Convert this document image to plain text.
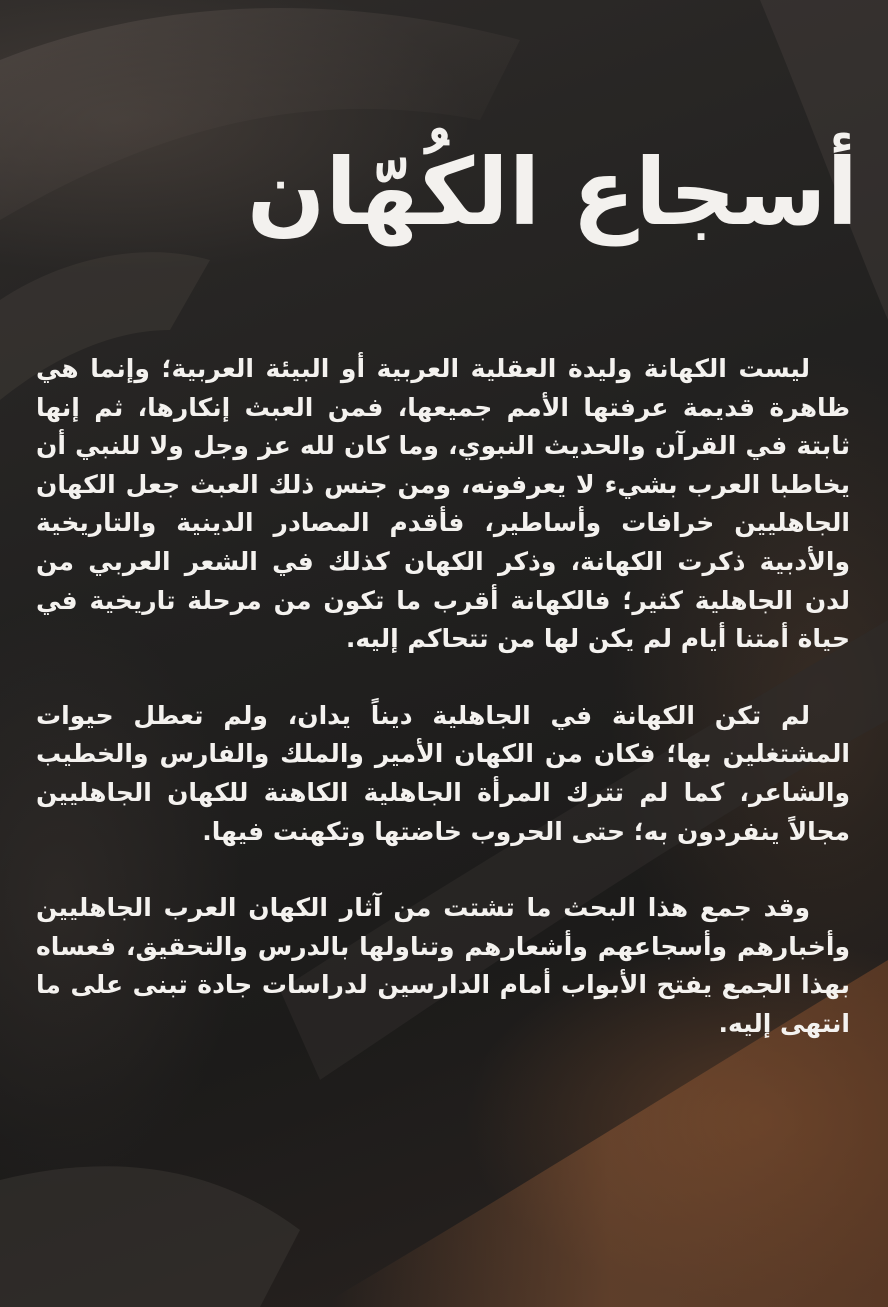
أسجاع الكُهّان

ليست الكهانة وليدة العقلية العربية أو البيئة العربية؛ وإنما هي ظاهرة قديمة عرفتها الأمم جميعها، فمن العبث إنكارها، ثم إنها ثابتة في القرآن والحديث النبوي، وما كان لله عز وجل ولا للنبي أن يخاطبا العرب بشيء لا يعرفونه، ومن جنس ذلك العبث جعل الكهان الجاهليين خرافات وأساطير، فأقدم المصادر الدينية والتاريخية والأدبية ذكرت الكهانة، وذكر الكهان كذلك في الشعر العربي من لدن الجاهلية كثير؛ فالكهانة أقرب ما تكون من مرحلة تاريخية في حياة أمتنا أيام لم يكن لها من تتحاكم إليه.

لم تكن الكهانة في الجاهلية ديناً يدان، ولم تعطل حيوات المشتغلين بها؛ فكان من الكهان الأمير والملك والفارس والخطيب والشاعر، كما لم تترك المرأة الجاهلية الكاهنة للكهان الجاهليين مجالاً ينفردون به؛ حتى الحروب خاضتها وتكهنت فيها.

وقد جمع هذا البحث ما تشتت من آثار الكهان العرب الجاهليين وأخبارهم وأسجاعهم وأشعارهم وتناولها بالدرس والتحقيق، فعساه بهذا الجمع يفتح الأبواب أمام الدارسين لدراسات جادة تبنى على ما انتهى إليه.
